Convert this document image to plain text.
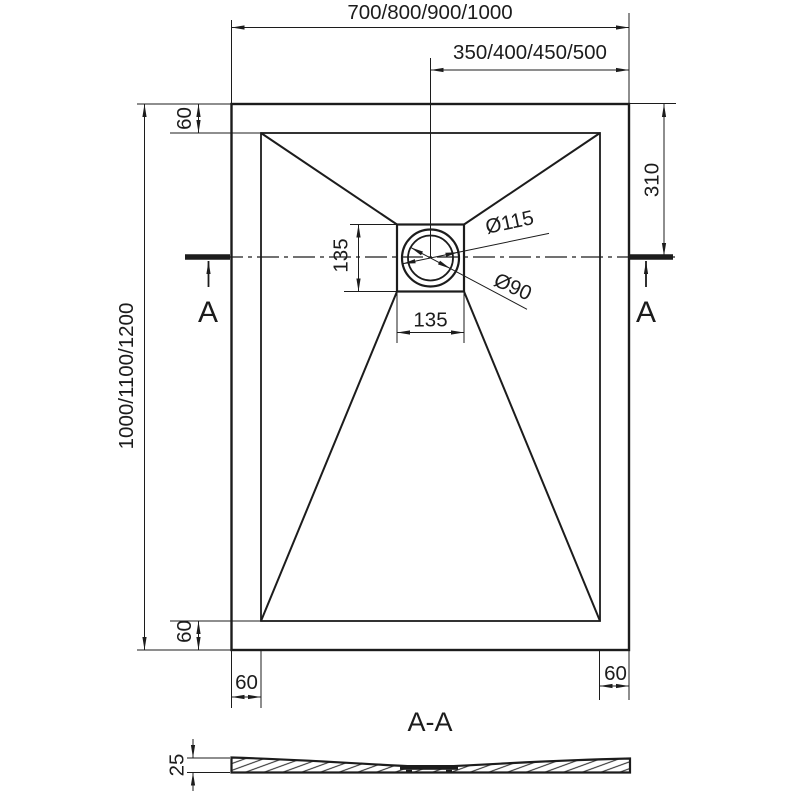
A	A
700/800/900/1000
350/400/450/500
1000/1100/1200
60
60
310
60	60
135
135
Ø115
Ø90
A-A
25
